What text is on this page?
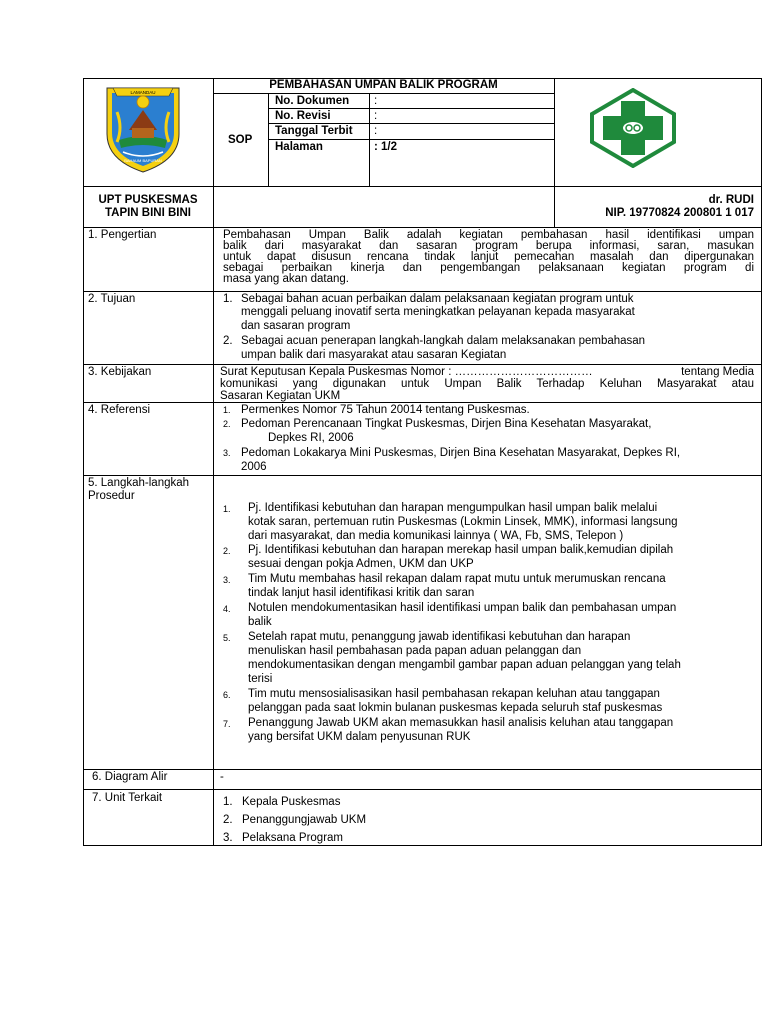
LAMANDAU
BAHAUM BAPURAN
PEMBAHASAN UMPAN BALIK PROGRAM
SOP
No. Dokumen :
No. Revisi	:
Tanggal Terbit :
Halaman	: 1/2
UPT PUSKESMAS
TAPIN BINI BINI
dr. RUDI
NIP. 19770824 200801 1 017
1. Pengertian	Pembahasan Umpan Balik adalah kegiatan pembahasan hasil identifikasi umpan
balik dari masyarakat dan sasaran program berupa informasi, saran, masukan
untuk dapat disusun rencana tindak lanjut pemecahan masalah dan dipergunakan
sebagai perbaikan kinerja dan pengembangan pelaksanaan kegiatan program di
masa yang akan datang.
2. Tujuan	1. Sebagai bahan acuan perbaikan dalam pelaksanaan kegiatan program untuk
menggali peluang inovatif serta meningkatkan pelayanan kepada masyarakat
dan sasaran program
2. Sebagai acuan penerapan langkah-langkah dalam melaksanakan pembahasan
umpan balik dari masyarakat atau sasaran Kegiatan
3. Kebijakan	Surat Keputusan Kepala Puskesmas Nomor : ………………………………	tentang Media
komunikasi yang digunakan untuk Umpan Balik Terhadap Keluhan Masyarakat atau
Sasaran Kegiatan UKM
4. Referensi	1. Permenkes Nomor 75 Tahun 20014 tentang Puskesmas.
2. Pedoman Perencanaan Tingkat Puskesmas, Dirjen Bina Kesehatan Masyarakat,
Depkes RI, 2006
3. Pedoman Lokakarya Mini Puskesmas, Dirjen Bina Kesehatan Masyarakat, Depkes RI,
2006
5. Langkah-langkah
Prosedur
1. Pj. Identifikasi kebutuhan dan harapan mengumpulkan hasil umpan balik melalui
kotak saran, pertemuan rutin Puskesmas (Lokmin Linsek, MMK), informasi langsung
dari masyarakat, dan media komunikasi lainnya ( WA, Fb, SMS, Telepon )
2. Pj. Identifikasi kebutuhan dan harapan merekap hasil umpan balik,kemudian dipilah
sesuai dengan pokja Admen, UKM dan UKP
3. Tim Mutu membahas hasil rekapan dalam rapat mutu untuk merumuskan rencana
tindak lanjut hasil identifikasi kritik dan saran
4. Notulen mendokumentasikan hasil identifikasi umpan balik dan pembahasan umpan
balik
5. Setelah rapat mutu, penanggung jawab identifikasi kebutuhan dan harapan
menuliskan hasil pembahasan pada papan aduan pelanggan dan
mendokumentasikan dengan mengambil gambar papan aduan pelanggan yang telah
terisi
6. Tim mutu mensosialisasikan hasil pembahasan rekapan keluhan atau tanggapan
pelanggan pada saat lokmin bulanan puskesmas kepada seluruh staf puskesmas
7. Penanggung Jawab UKM akan memasukkan hasil analisis keluhan atau tanggapan
yang bersifat UKM dalam penyusunan RUK
6. Diagram Alir	-
7. Unit Terkait	1. Kepala Puskesmas
2. Penanggungjawab UKM
3. Pelaksana Program
